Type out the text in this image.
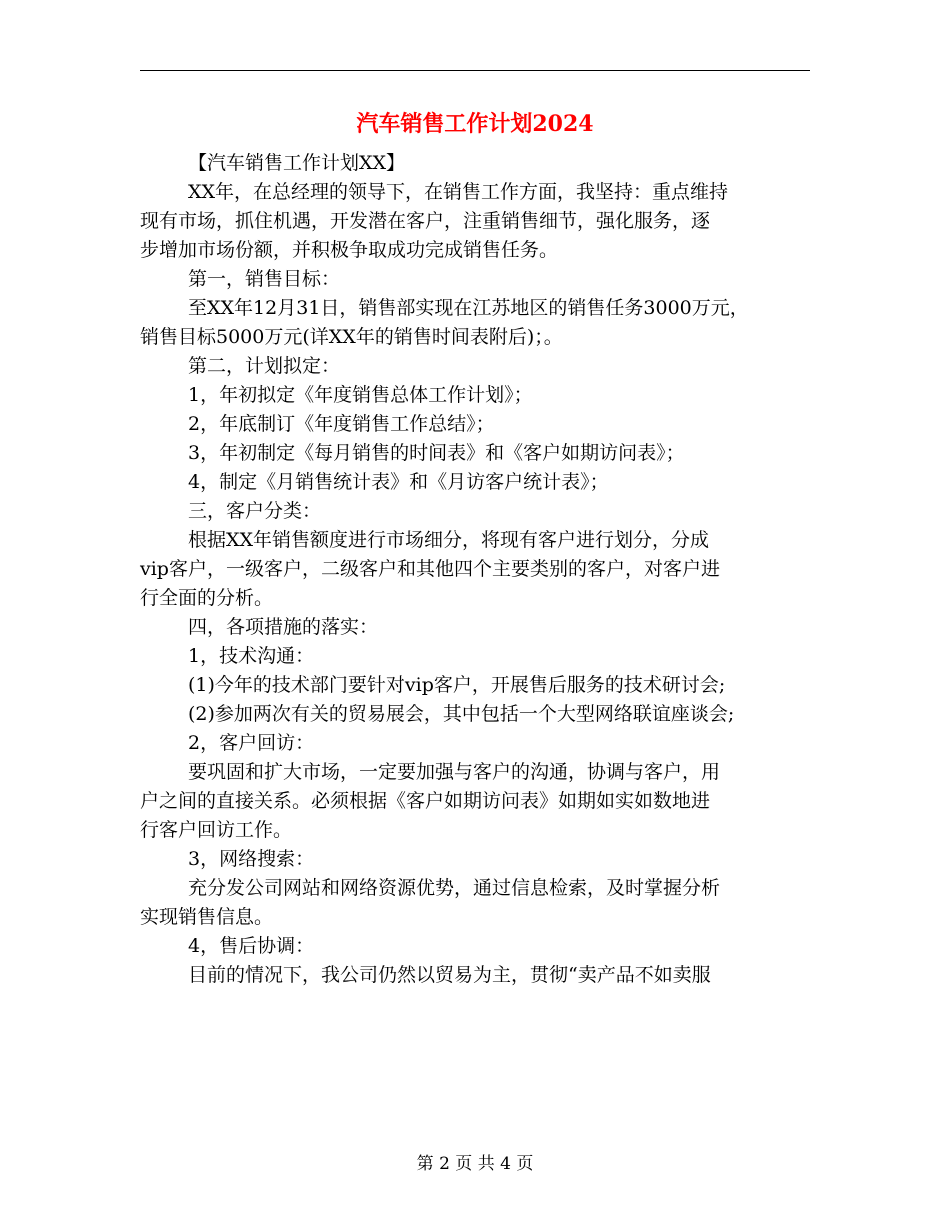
汽车销售工作计划2024

【汽车销售工作计划XX】

XX年，在总经理的领导下，在销售工作方面，我坚持：重点维持

现有市场，抓住机遇，开发潜在客户，注重销售细节，强化服务，逐

步增加市场份额，并积极争取成功完成销售任务。

第一，销售目标：

至XX年12月31日，销售部实现在江苏地区的销售任务3000万元，

销售目标5000万元(详XX年的销售时间表附后)；。

第二，计划拟定：

1，年初拟定《年度销售总体工作计划》；

2，年底制订《年度销售工作总结》；

3，年初制定《每月销售的时间表》和《客户如期访问表》；

4，制定《月销售统计表》和《月访客户统计表》；

三，客户分类：

根据XX年销售额度进行市场细分，将现有客户进行划分，分成

vip客户，一级客户，二级客户和其他四个主要类别的客户，对客户进

行全面的分析。

四，各项措施的落实：

1，技术沟通：

(1)今年的技术部门要针对vip客户，开展售后服务的技术研讨会;

(2)参加两次有关的贸易展会，其中包括一个大型网络联谊座谈会;

2，客户回访：

要巩固和扩大市场，一定要加强与客户的沟通，协调与客户，用

户之间的直接关系。必须根据《客户如期访问表》如期如实如数地进

行客户回访工作。

3，网络搜索：

充分发公司网站和网络资源优势，通过信息检索，及时掌握分析

实现销售信息。

4，售后协调：

目前的情况下，我公司仍然以贸易为主，贯彻“卖产品不如卖服

第 2 页 共 4 页
